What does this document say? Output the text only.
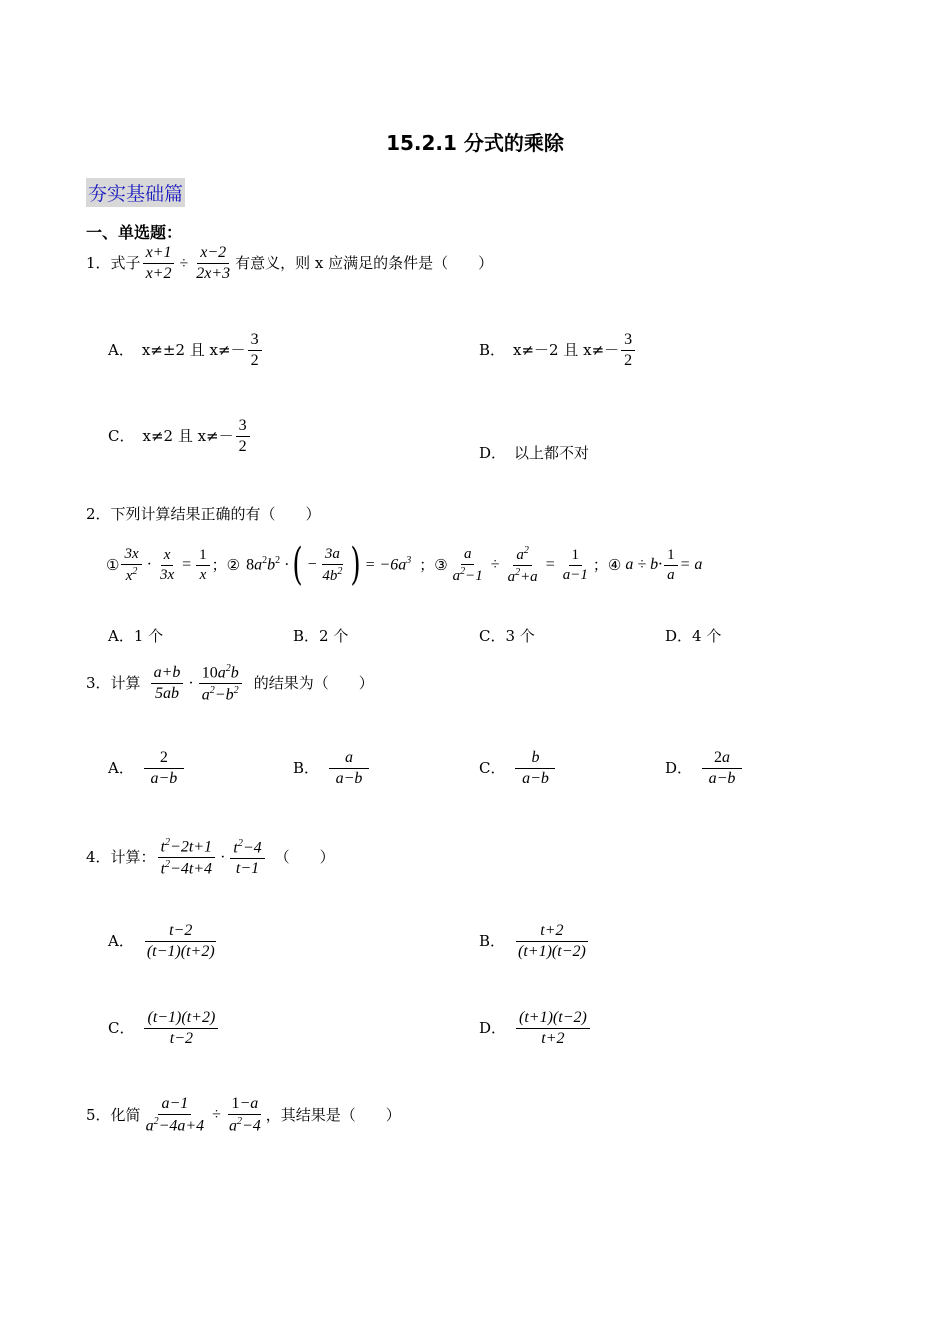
15.2.1 分式的乘除
夯实基础篇
一、单选题：
1． 式子 $\frac{x+1}{x+2} \div \frac{x-2}{2x+3}$ 有意义，则 x 应满足的条件是（　　）
A． x≠±2 且 $x\ne- \frac{3}{2}$	B． x≠－2 且 $x\ne- \frac{3}{2}$
C． x≠2 且 $x\ne- \frac{3}{2}$	D． 以上都不对
2．下列计算结果正确的有（　　）
① $\frac{3x}{x^2} \cdot \frac{x}{3x} = \frac{1}{x}$ ； ② $8a^2b^2$ · ( − $\frac{3a}{4b^2}$ ) = $-6a^3$ ； ③ $\frac{a}{a^2-1} \div \frac{a^2}{a^2+a} = \frac{1}{a-1}$ ； ④ $a \div b\cdot \frac{1}{a} = a$
A．1 个	B．2 个	C．3 个	D．4 个
3． 计算 $\frac{a+b}{5ab} \cdot \frac{10a^2b}{a^2-b^2}$ 的结果为（　　）
A． $\frac{2}{a-b}$	B． $\frac{a}{a-b}$	C． $\frac{b}{a-b}$	D． $\frac{2a}{a-b}$
4． 计算： $\frac{t^2-2t+1}{t^2-4t+4} \cdot \frac{t^2-4}{t-1}$ （　　）
A． $\frac{t-2}{(t-1)(t+2)}$	B． $\frac{t+2}{(t+1)(t-2)}$
C． $\frac{(t-1)(t+2)}{t-2}$	D． $\frac{(t+1)(t-2)}{t+2}$
5． 化简 $\frac{a-1}{a^2-4a+4} \div \frac{1-a}{a^2-4}$ ，其结果是（　　）
